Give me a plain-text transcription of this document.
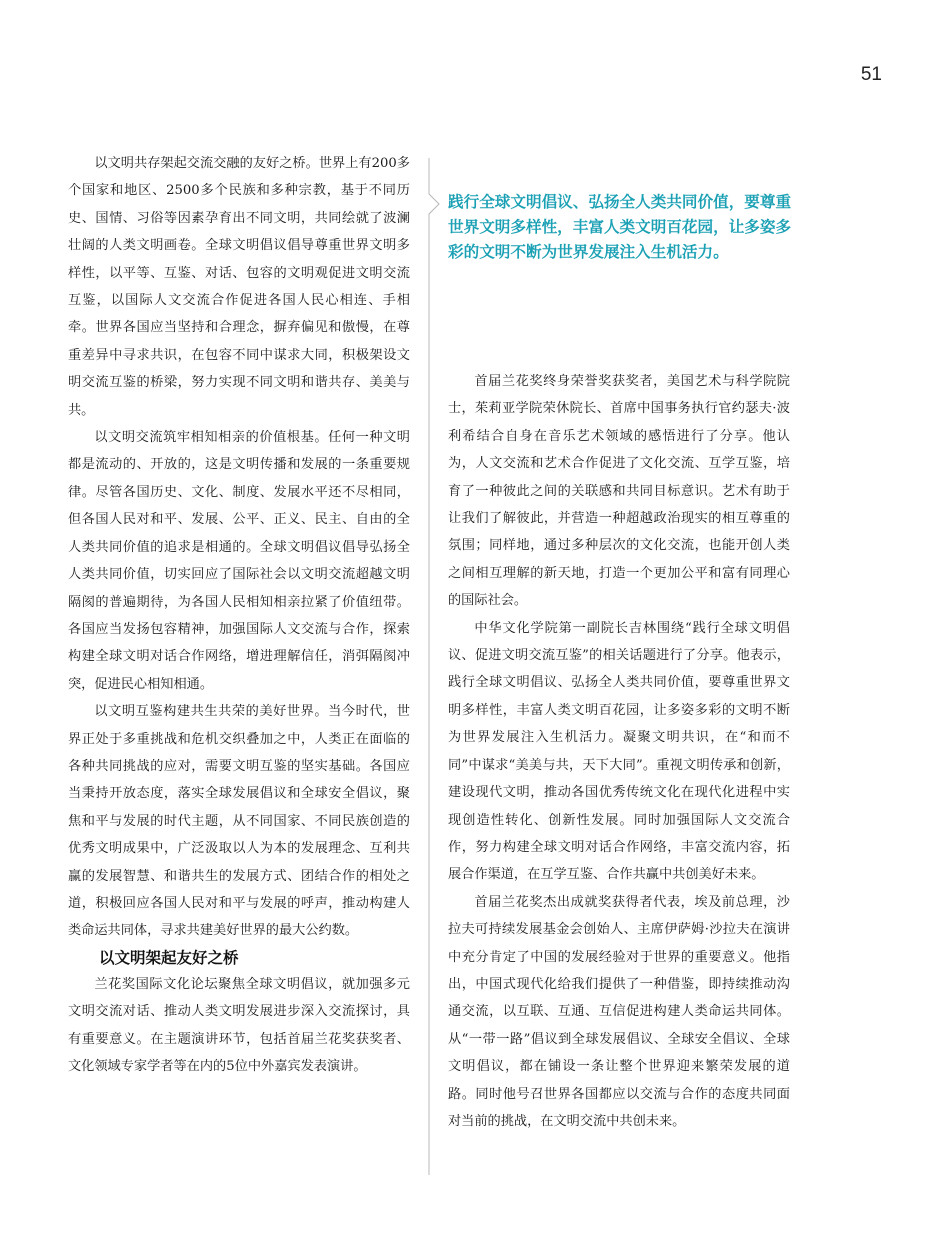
51

以文明共存架起交流交融的友好之桥。世界上有200多个国家和地区、2500多个民族和多种宗教，基于不同历史、国情、习俗等因素孕育出不同文明，共同绘就了波澜壮阔的人类文明画卷。全球文明倡议倡导尊重世界文明多样性，以平等、互鉴、对话、包容的文明观促进文明交流互鉴，以国际人文交流合作促进各国人民心相连、手相牵。世界各国应当坚持和合理念，摒弃偏见和傲慢，在尊重差异中寻求共识，在包容不同中谋求大同，积极架设文明交流互鉴的桥梁，努力实现不同文明和谐共存、美美与共。

以文明交流筑牢相知相亲的价值根基。任何一种文明都是流动的、开放的，这是文明传播和发展的一条重要规律。尽管各国历史、文化、制度、发展水平还不尽相同，但各国人民对和平、发展、公平、正义、民主、自由的全人类共同价值的追求是相通的。全球文明倡议倡导弘扬全人类共同价值，切实回应了国际社会以文明交流超越文明隔阂的普遍期待，为各国人民相知相亲拉紧了价值纽带。各国应当发扬包容精神，加强国际人文交流与合作，探索构建全球文明对话合作网络，增进理解信任，消弭隔阂冲突，促进民心相知相通。

以文明互鉴构建共生共荣的美好世界。当今时代，世界正处于多重挑战和危机交织叠加之中，人类正在面临的各种共同挑战的应对，需要文明互鉴的坚实基础。各国应当秉持开放态度，落实全球发展倡议和全球安全倡议，聚焦和平与发展的时代主题，从不同国家、不同民族创造的优秀文明成果中，广泛汲取以人为本的发展理念、互利共赢的发展智慧、和谐共生的发展方式、团结合作的相处之道，积极回应各国人民对和平与发展的呼声，推动构建人类命运共同体，寻求共建美好世界的最大公约数。

以文明架起友好之桥

兰花奖国际文化论坛聚焦全球文明倡议，就加强多元文明交流对话、推动人类文明发展进步深入交流探讨，具有重要意义。在主题演讲环节，包括首届兰花奖获奖者、文化领域专家学者等在内的5位中外嘉宾发表演讲。

践行全球文明倡议、弘扬全人类共同价值，要尊重世界文明多样性，丰富人类文明百花园，让多姿多彩的文明不断为世界发展注入生机活力。

首届兰花奖终身荣誉奖获奖者，美国艺术与科学院院士，茱莉亚学院荣休院长、首席中国事务执行官约瑟夫·波利希结合自身在音乐艺术领域的感悟进行了分享。他认为，人文交流和艺术合作促进了文化交流、互学互鉴，培育了一种彼此之间的关联感和共同目标意识。艺术有助于让我们了解彼此，并营造一种超越政治现实的相互尊重的氛围；同样地，通过多种层次的文化交流，也能开创人类之间相互理解的新天地，打造一个更加公平和富有同理心的国际社会。

中华文化学院第一副院长吉林围绕“践行全球文明倡议、促进文明交流互鉴”的相关话题进行了分享。他表示，践行全球文明倡议、弘扬全人类共同价值，要尊重世界文明多样性，丰富人类文明百花园，让多姿多彩的文明不断为世界发展注入生机活力。凝聚文明共识，在“和而不同”中谋求“美美与共，天下大同”。重视文明传承和创新，建设现代文明，推动各国优秀传统文化在现代化进程中实现创造性转化、创新性发展。同时加强国际人文交流合作，努力构建全球文明对话合作网络，丰富交流内容，拓展合作渠道，在互学互鉴、合作共赢中共创美好未来。

首届兰花奖杰出成就奖获得者代表，埃及前总理，沙拉夫可持续发展基金会创始人、主席伊萨姆·沙拉夫在演讲中充分肯定了中国的发展经验对于世界的重要意义。他指出，中国式现代化给我们提供了一种借鉴，即持续推动沟通交流，以互联、互通、互信促进构建人类命运共同体。从“一带一路”倡议到全球发展倡议、全球安全倡议、全球文明倡议，都在铺设一条让整个世界迎来繁荣发展的道路。同时他号召世界各国都应以交流与合作的态度共同面对当前的挑战，在文明交流中共创未来。
